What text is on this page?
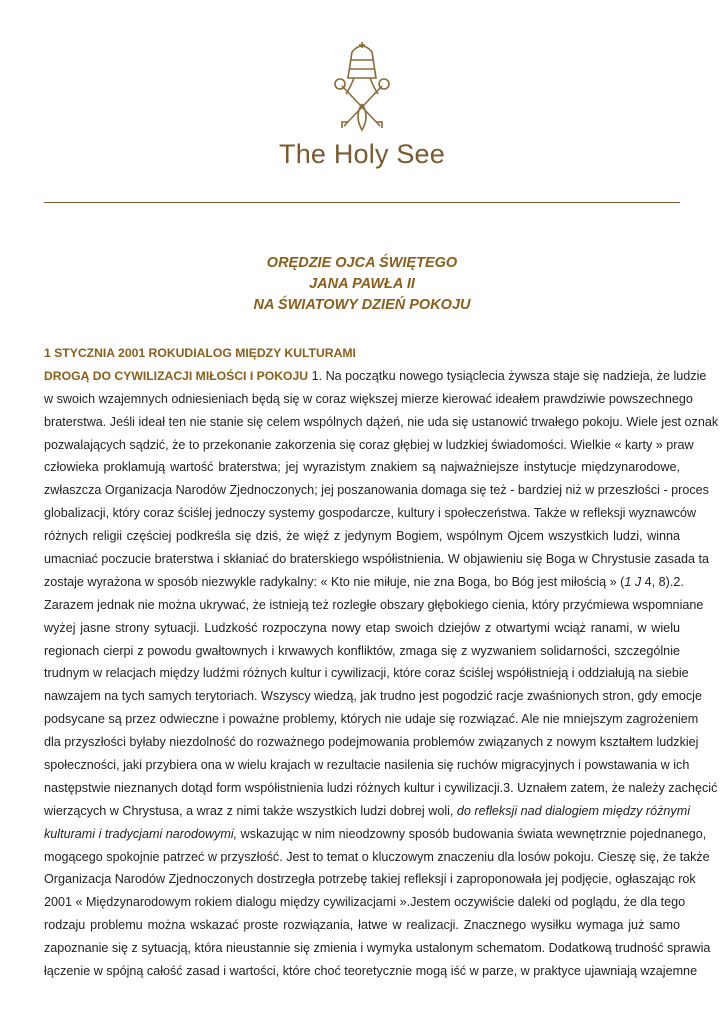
The Holy See
ORĘDZIE OJCA ŚWIĘTEGO
JANA PAWŁA II
NA ŚWIATOWY DZIEŃ POKOJU
1 STYCZNIA 2001 ROKUDIALOG MIĘDZY KULTURAMI
DROGĄ DO CYWILIZACJI MIŁOŚCI I POKOJU 1. Na początku nowego tysiąclecia żywsza staje się nadzieja, że ludzie
w swoich wzajemnych odniesieniach będą się w coraz większej mierze kierować ideałem prawdziwie powszechnego
braterstwa. Jeśli ideał ten nie stanie się celem wspólnych dążeń, nie uda się ustanowić trwałego pokoju. Wiele jest oznak
pozwalających sądzić, że to przekonanie zakorzenia się coraz głębiej w ludzkiej świadomości. Wielkie « karty » praw
człowieka proklamują wartość braterstwa; jej wyrazistym znakiem są najważniejsze instytucje międzynarodowe,
zwłaszcza Organizacja Narodów Zjednoczonych; jej poszanowania domaga się też - bardziej niż w przeszłości - proces
globalizacji, który coraz ściślej jednoczy systemy gospodarcze, kultury i społeczeństwa. Także w refleksji wyznawców
różnych religii częściej podkreśla się dziś, że więź z jedynym Bogiem, wspólnym Ojcem wszystkich ludzi, winna
umacniać poczucie braterstwa i skłaniać do braterskiego współistnienia. W objawieniu się Boga w Chrystusie zasada ta
zostaje wyrażona w sposób niezwykle radykalny: « Kto nie miłuje, nie zna Boga, bo Bóg jest miłością » (1 J 4, 8).2.
Zarazem jednak nie można ukrywać, że istnieją też rozległe obszary głębokiego cienia, który przyćmiewa wspomniane
wyżej jasne strony sytuacji. Ludzkość rozpoczyna nowy etap swoich dziejów z otwartymi wciąż ranami, w wielu
regionach cierpi z powodu gwałtownych i krwawych konfliktów, zmaga się z wyzwaniem solidarności, szczególnie
trudnym w relacjach między ludźmi różnych kultur i cywilizacji, które coraz ściślej współistnieją i oddziałują na siebie
nawzajem na tych samych terytoriach. Wszyscy wiedzą, jak trudno jest pogodzić racje zwaśnionych stron, gdy emocje
podsycane są przez odwieczne i poważne problemy, których nie udaje się rozwiązać. Ale nie mniejszym zagrożeniem
dla przyszłości byłaby niezdolność do rozważnego podejmowania problemów związanych z nowym kształtem ludzkiej
społeczności, jaki przybiera ona w wielu krajach w rezultacie nasilenia się ruchów migracyjnych i powstawania w ich
następstwie nieznanych dotąd form współistnienia ludzi różnych kultur i cywilizacji.3. Uznałem zatem, że należy zachęcić
wierzących w Chrystusa, a wraz z nimi także wszystkich ludzi dobrej woli, do refleksji nad dialogiem między różnymi
kulturami i tradycjami narodowymi, wskazując w nim nieodzowny sposób budowania świata wewnętrznie pojednanego,
mogącego spokojnie patrzeć w przyszłość. Jest to temat o kluczowym znaczeniu dla losów pokoju. Cieszę się, że także
Organizacja Narodów Zjednoczonych dostrzegła potrzebę takiej refleksji i zaproponowała jej podjęcie, ogłaszając rok
2001 « Międzynarodowym rokiem dialogu między cywilizacjami ».Jestem oczywiście daleki od poglądu, że dla tego
rodzaju problemu można wskazać proste rozwiązania, łatwe w realizacji. Znacznego wysiłku wymaga już samo
zapoznanie się z sytuacją, która nieustannie się zmienia i wymyka ustalonym schematom. Dodatkową trudność sprawia
łączenie w spójną całość zasad i wartości, które choć teoretycznie mogą iść w parze, w praktyce ujawniają wzajemne
